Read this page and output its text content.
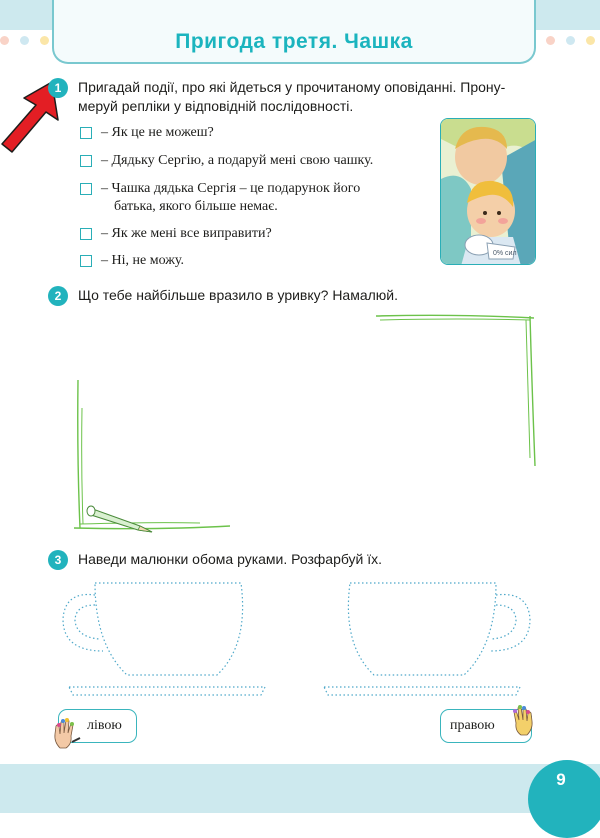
Пригода третя. Чашка
1	Пригадай події, про які йдеться у прочитаному оповіданні. Прону-
меруй репліки у відповідній послідовності.
– Як це не можеш?
– Дядьку Сергію, а подаруй мені свою чашку.
– Чашка дядька Сергія – це подарунок його
батька, якого більше немає.
– Як же мені все виправити?
– Ні, не можу.	0% сил
2	Що тебе найбільше вразило в уривку? Намалюй.
3	Наведи малюнки обома руками. Розфарбуй їх.
лівою	правою
9
